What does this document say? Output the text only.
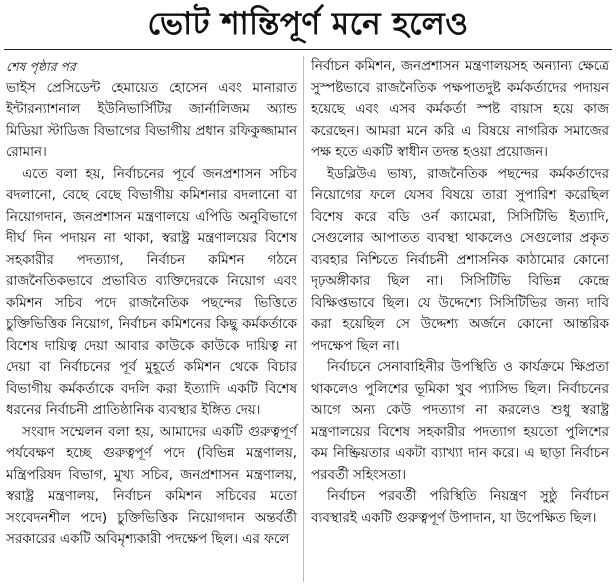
ভোট শান্তিপূর্ণ মনে হলেও
শেষ পৃষ্ঠার পর

ভাইস প্রেসিডেন্ট হেমায়েত হোসেন এবং মানারাত ইন্টারন্যাশনাল ইউনিভার্সিটির জার্নালিজম অ্যান্ড মিডিয়া স্টাডিজ বিভাগের বিভাগীয় প্রধান রফিকুজ্জামান রোমান।

এতে বলা হয়, নির্বাচনের পূর্বে জনপ্রশাসন সচিব বদলানো, বেছে বেছে বিভাগীয় কমিশনার বদলানো বা নিয়োগদান, জনপ্রশাসন মন্ত্রণালয়ে এপিডি অনুবিভাগে দীর্ঘ দিন পদায়ন না থাকা, স্বরাষ্ট্র মন্ত্রণালয়ের বিশেষ সহকারীর পদত্যাগ, নির্বাচন কমিশন গঠনে রাজনৈতিকভাবে প্রভাবিত ব্যক্তিদেরকে নিয়োগ এবং কমিশন সচিব পদে রাজনৈতিক পছন্দের ভিত্তিতে চুক্তিভিত্তিক নিয়োগ, নির্বাচন কমিশনের কিছু কর্মকর্তাকে বিশেষ দায়িত্ব দেয়া আবার কাউকে কাউকে দায়িত্ব না দেয়া বা নির্বাচনের পূর্ব মুহূর্তে কমিশন থেকে বিচার বিভাগীয় কর্মকর্তাকে বদলি করা ইত্যাদি একটি বিশেষ ধরনের নির্বাচনী প্রাতিষ্ঠানিক ব্যবস্থার ইঙ্গিত দেয়।

সংবাদ সম্মেলন বলা হয়, আমাদের একটি গুরুত্বপূর্ণ পর্যবেক্ষণ হচ্ছে গুরুত্বপূর্ণ পদে (বিভিন্ন মন্ত্রণালয়, মন্ত্রিপরিষদ বিভাগ, মুখ্য সচিব, জনপ্রশাসন মন্ত্রণালয়, স্বরাষ্ট্র মন্ত্রণালয়, নির্বাচন কমিশন সচিবের মতো সংবেদনশীল পদে) চুক্তিভিত্তিক নিয়োগদান অন্তর্বর্তী সরকারের একটি অবিমৃশ্যকারী পদক্ষেপ ছিল। এর ফলে

নির্বাচন কমিশন, জনপ্রশাসন মন্ত্রণালয়সহ অন্যান্য ক্ষেত্রে সুস্পষ্টভাবে রাজনৈতিক পক্ষপাতদুষ্ট কর্মকর্তাদের পদায়ন হয়েছে এবং এসব কর্মকর্তা স্পষ্ট বায়াস হয়ে কাজ করেছেন। আমরা মনে করি এ বিষয়ে নাগরিক সমাজের পক্ষ হতে একটি স্বাধীন তদন্ত হওয়া প্রয়োজন।

ইডব্লিউএ ভাষ্য, রাজনৈতিক পছন্দের কর্মকর্তাদের নিয়োগের ফলে যেসব বিষয়ে তারা সুপারিশ করেছিল বিশেষ করে বডি ওর্ন ক্যামেরা, সিসিটিভি ইত্যাদি, সেগুলোর আপাতত ব্যবস্থা থাকলেও সেগুলোর প্রকৃত ব্যবহার নিশ্চিতে নির্বাচনী প্রশাসনিক কাঠামোর কোনো দৃঢ়অঙ্গীকার ছিল না। সিসিটিভি বিভিন্ন কেন্দ্রে বিক্ষিপ্তভাবে ছিল। যে উদ্দেশ্যে সিসিটিভির জন্য দাবি করা হয়েছিল সে উদ্দেশ্য অর্জনে কোনো আন্তরিক পদক্ষেপ ছিল না।

নির্বাচনে সেনাবাহিনীর উপস্থিতি ও কার্যক্রমে ক্ষিপ্রতা থাকলেও পুলিশের ভূমিকা খুব প্যাসিভ ছিল। নির্বাচনের আগে অন্য কেউ পদত্যাগ না করলেও শুধু স্বরাষ্ট্র মন্ত্রণালয়ের বিশেষ সহকারীর পদত্যাগ হয়তো পুলিশের কম নিষ্ক্রিয়তার একটা ব্যাখ্যা দান করে। এ ছাড়া নির্বাচন পরবর্তী সহিংসতা।

নির্বাচন পরবর্তী পরিস্থিতি নিয়ন্ত্রণ সুষ্ঠু নির্বাচন ব্যবস্থারই একটি গুরুত্বপূর্ণ উপাদান, যা উপেক্ষিত ছিল।
